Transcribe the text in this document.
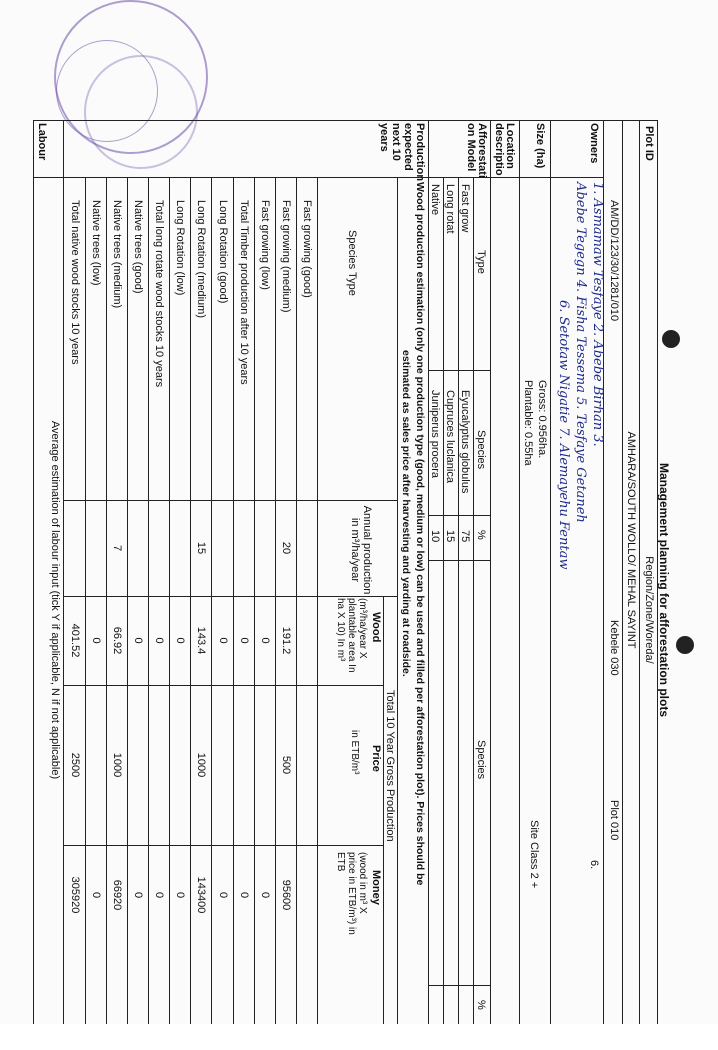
Management planning for afforestation plots
Plot ID
Region/Zone/Woreda/
AMHARA/SOUTH WOLLO/ MEHAL SAYINT
Kebele 030
Plot 010
AM/DD/123/30/1281/010
Owners
1. Asmamaw Tesfaye 2. Abebe Birhan 3.
Abebe Tegegn 4. Fisha Tessema 5. Tesfaye Getaneh
6. Setotaw Nigatie 7. Alemayehu Fentaw
6.
Size (ha)
Gross: 0.956ha.
Plantable: 0.55ha
Site Class 2 +
Location descriptio
Afforestati on Model
Type
Species
%
Species
%
Fast grow
Eyucalyptus globulus
75
Long rotat
Cupruces luclanica
15
Native
Juniperus procera
10
Production expected next 10 years
Wood production estimation (only one production type (good, medium or low) can be used and filled per afforestation plot). Prices should be
estimated as sales price after harvesting and yarding at roadside.
Species Type
Annual production in m³/ha/year
Total 10 Year Gross Production
Wood
(m³/ha/year X plantable area In ha X 10) In m³
Price
in ETB/m³
Money
(wood in m³ X price in ETB/m³) in ETB
Fast growing (good)
Fast growing (medium)
20
191.2
500
95600
Fast growing (low)
0
0
Total Timber production after 10 years
0
0
Long Rotation (good)
0
0
Long Rotation (medium)
15
143.4
1000
143400
Long Rotation (low)
0
0
Total long rotate wood stocks 10 years
0
0
Native trees (good)
0
0
Native trees (medium)
7
66.92
1000
66920
Native trees (low)
0
0
Total native wood stocks 10 years
401.52
2500
305920
Labour
Average estimation of labour input (tick Y if applicable, N if not applicable)
